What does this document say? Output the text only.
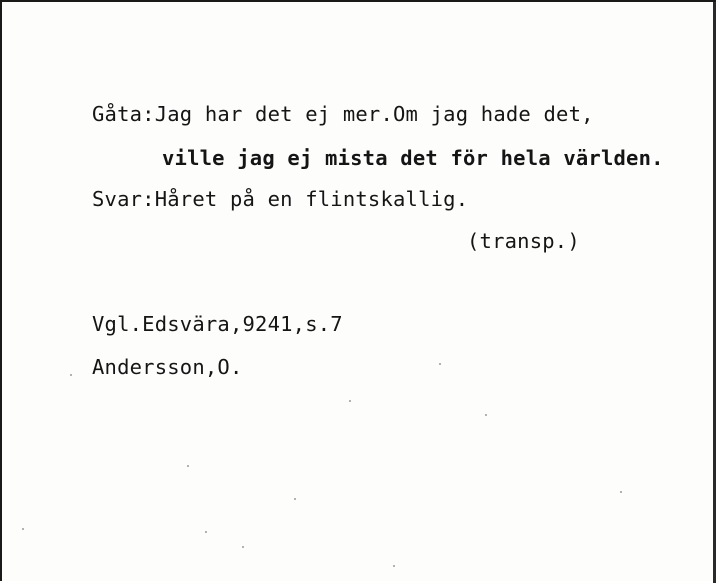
Gåta:Jag har det ej mer.Om jag hade det,
ville jag ej mista det för hela världen.
Svar:Håret på en flintskallig.
(transp.)
Vgl.Edsvära,9241,s.7
Andersson,O.
